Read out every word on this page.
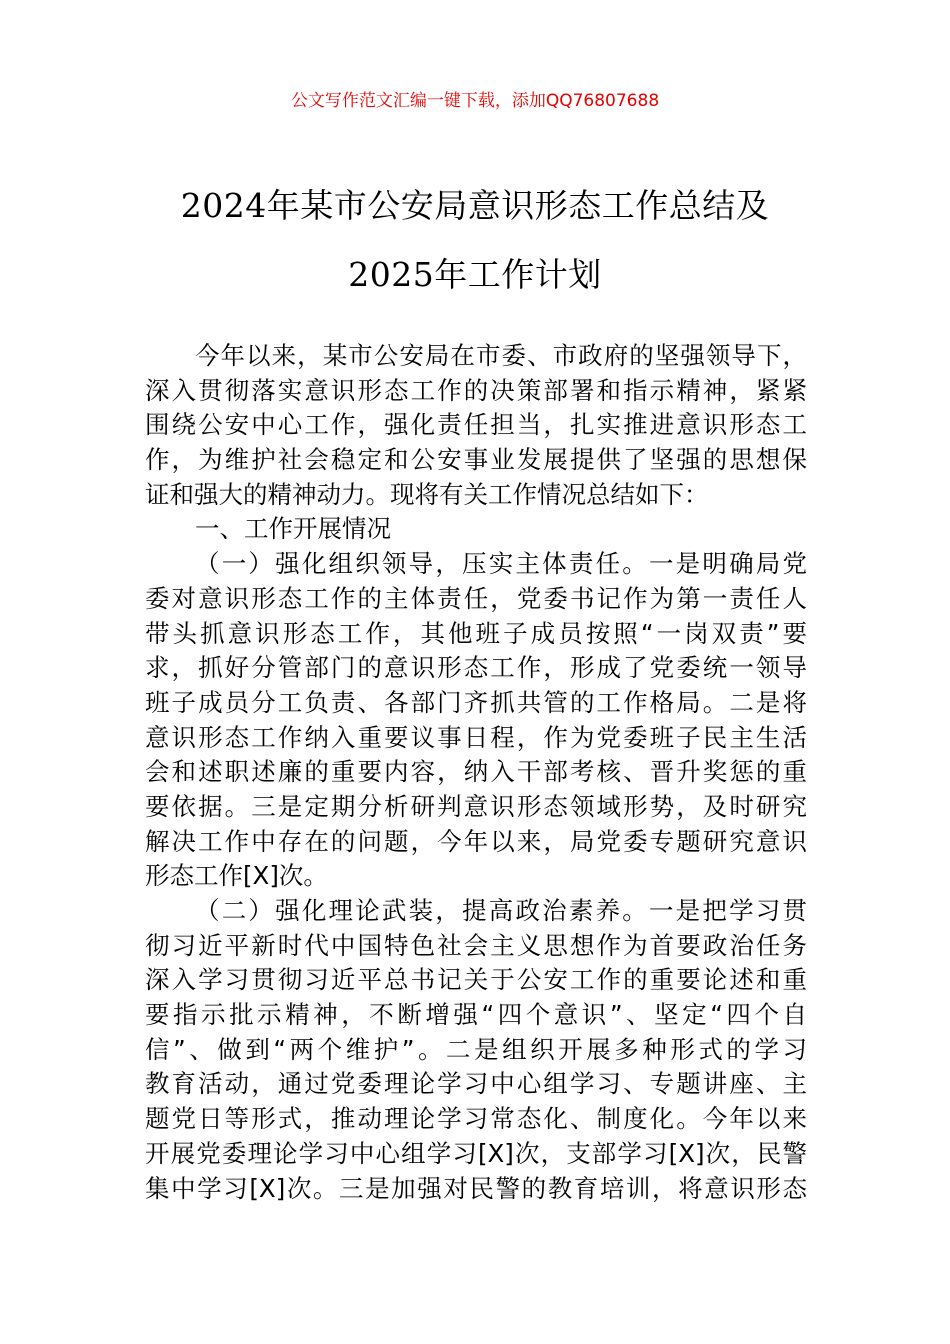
公文写作范文汇编一键下载，添加QQ76807688
2024年某市公安局意识形态工作总结及
2025年工作计划
今年以来，某市公安局在市委、市政府的坚强领导下，
深入贯彻落实意识形态工作的决策部署和指示精神，紧紧
围绕公安中心工作，强化责任担当，扎实推进意识形态工
作，为维护社会稳定和公安事业发展提供了坚强的思想保
证和强大的精神动力。现将有关工作情况总结如下：
一、工作开展情况
（一）强化组织领导，压实主体责任。一是明确局党
委对意识形态工作的主体责任，党委书记作为第一责任人
带头抓意识形态工作，其他班子成员按照“一岗双责”要
求，抓好分管部门的意识形态工作，形成了党委统一领导
班子成员分工负责、各部门齐抓共管的工作格局。二是将
意识形态工作纳入重要议事日程，作为党委班子民主生活
会和述职述廉的重要内容，纳入干部考核、晋升奖惩的重
要依据。三是定期分析研判意识形态领域形势，及时研究
解决工作中存在的问题，今年以来，局党委专题研究意识
形态工作[X]次。
（二）强化理论武装，提高政治素养。一是把学习贯
彻习近平新时代中国特色社会主义思想作为首要政治任务
深入学习贯彻习近平总书记关于公安工作的重要论述和重
要指示批示精神，不断增强“四个意识”、坚定“四个自
信”、做到“两个维护”。二是组织开展多种形式的学习
教育活动，通过党委理论学习中心组学习、专题讲座、主
题党日等形式，推动理论学习常态化、制度化。今年以来
开展党委理论学习中心组学习[X]次，支部学习[X]次，民警
集中学习[X]次。三是加强对民警的教育培训，将意识形态
